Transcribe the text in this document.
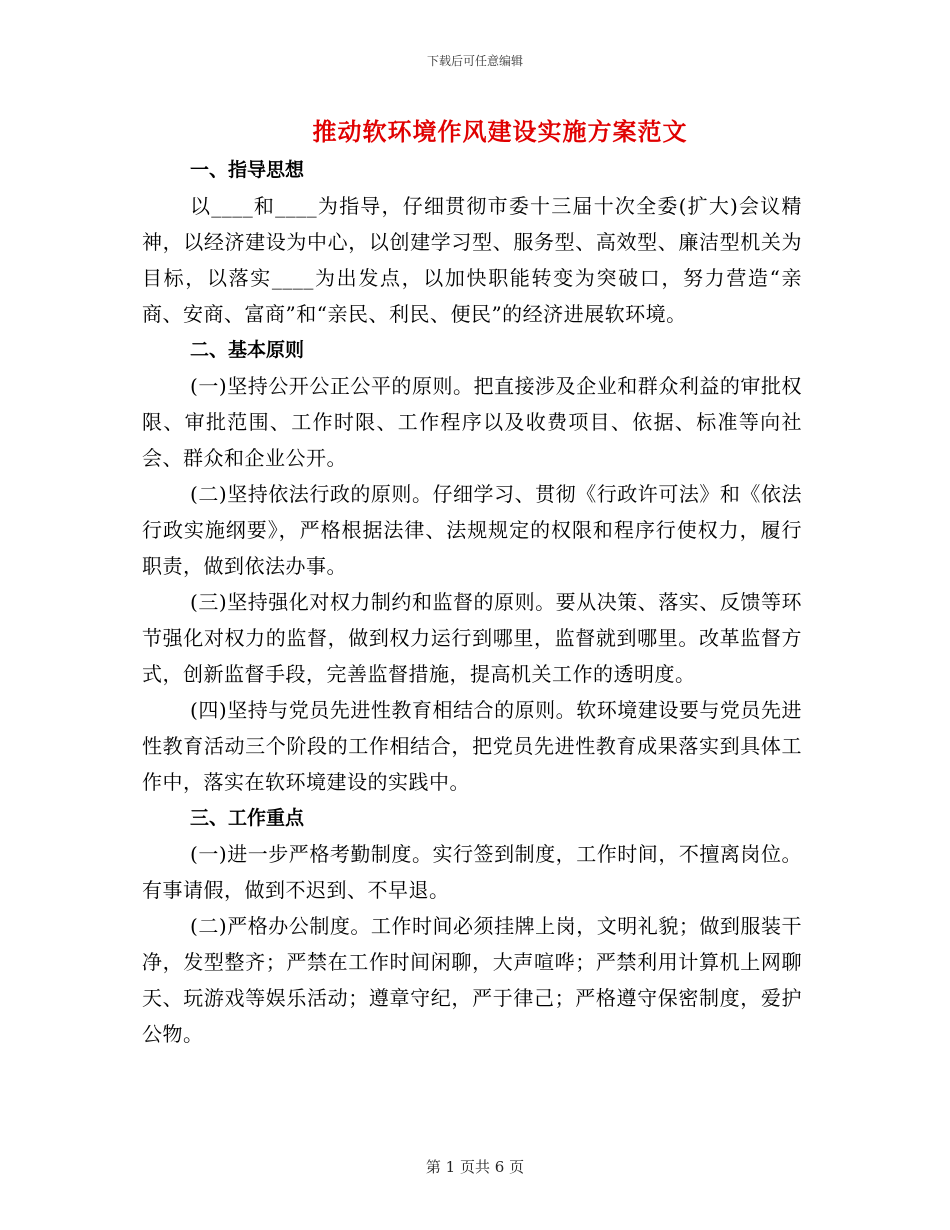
下载后可任意编辑
推动软环境作风建设实施方案范文

一、指导思想

以____和____为指导，仔细贯彻市委十三届十次全委(扩大)会议精神，以经济建设为中心，以创建学习型、服务型、高效型、廉洁型机关为目标，以落实____为出发点，以加快职能转变为突破口，努力营造“亲商、安商、富商”和“亲民、利民、便民”的经济进展软环境。

二、基本原则

(一)坚持公开公正公平的原则。把直接涉及企业和群众利益的审批权限、审批范围、工作时限、工作程序以及收费项目、依据、标准等向社会、群众和企业公开。

(二)坚持依法行政的原则。仔细学习、贯彻《行政许可法》和《依法行政实施纲要》，严格根据法律、法规规定的权限和程序行使权力，履行职责，做到依法办事。

(三)坚持强化对权力制约和监督的原则。要从决策、落实、反馈等环节强化对权力的监督，做到权力运行到哪里，监督就到哪里。改革监督方式，创新监督手段，完善监督措施，提高机关工作的透明度。

(四)坚持与党员先进性教育相结合的原则。软环境建设要与党员先进性教育活动三个阶段的工作相结合，把党员先进性教育成果落实到具体工作中，落实在软环境建设的实践中。

三、工作重点

(一)进一步严格考勤制度。实行签到制度，工作时间，不擅离岗位。有事请假，做到不迟到、不早退。

(二)严格办公制度。工作时间必须挂牌上岗，文明礼貌；做到服装干净，发型整齐；严禁在工作时间闲聊，大声喧哗；严禁利用计算机上网聊天、玩游戏等娱乐活动；遵章守纪，严于律己；严格遵守保密制度，爱护公物。

第 1 页共 6 页
